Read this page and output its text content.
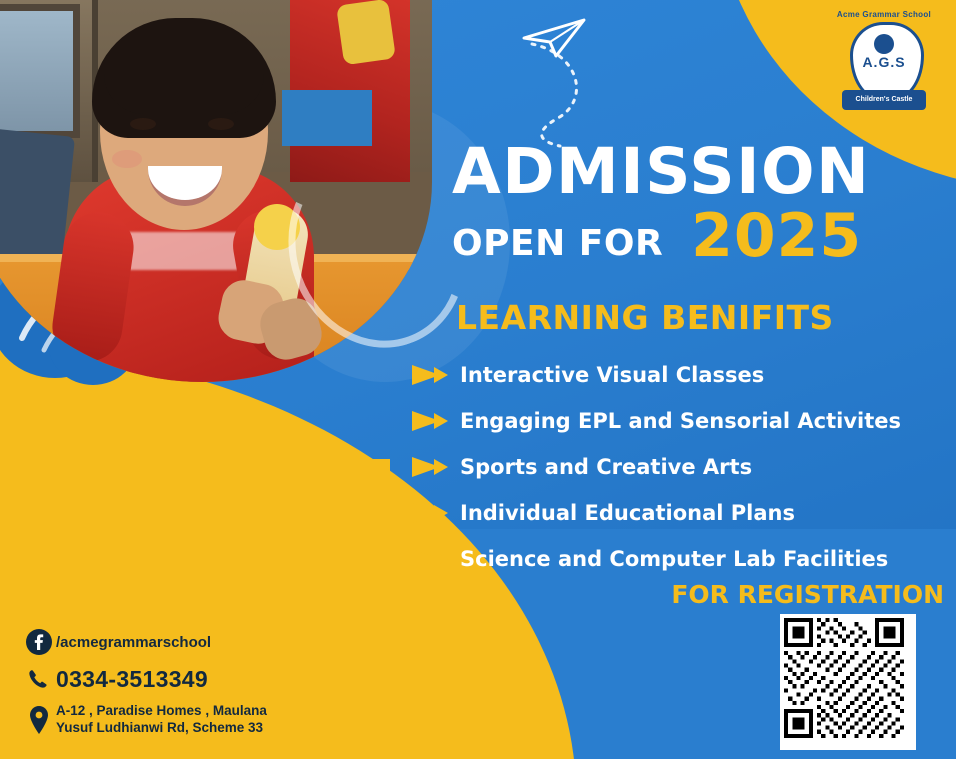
Acme Grammar School
A.G.S
Children's Castle
ADMISSION
OPEN FOR 2025
LEARNING BENIFITS
Interactive Visual Classes
Engaging EPL and Sensorial Activites
Sports and Creative Arts
Individual Educational Plans
Science and Computer Lab Facilities
FOR REGISTRATION
/acmegrammarschool
0334-3513349
A-12 , Paradise Homes , Maulana
Yusuf Ludhianwi Rd, Scheme 33
